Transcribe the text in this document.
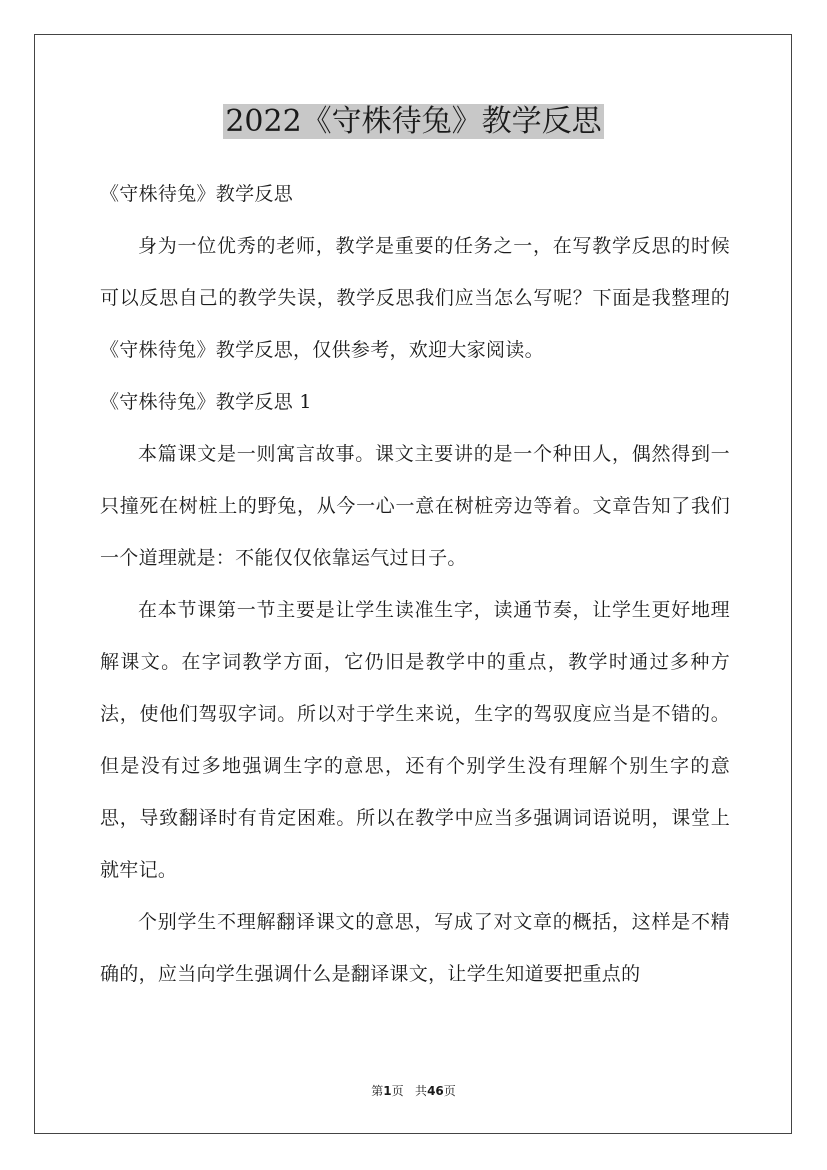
2022《守株待兔》教学反思

《守株待兔》教学反思

身为一位优秀的老师，教学是重要的任务之一，在写教学反思的时候可以反思自己的教学失误，教学反思我们应当怎么写呢？下面是我整理的《守株待兔》教学反思，仅供参考，欢迎大家阅读。

《守株待兔》教学反思 1

本篇课文是一则寓言故事。课文主要讲的是一个种田人，偶然得到一只撞死在树桩上的野兔，从今一心一意在树桩旁边等着。文章告知了我们一个道理就是：不能仅仅依靠运气过日子。

在本节课第一节主要是让学生读准生字，读通节奏，让学生更好地理解课文。在字词教学方面，它仍旧是教学中的重点，教学时通过多种方法，使他们驾驭字词。所以对于学生来说，生字的驾驭度应当是不错的。但是没有过多地强调生字的意思，还有个别学生没有理解个别生字的意思，导致翻译时有肯定困难。所以在教学中应当多强调词语说明，课堂上就牢记。

个别学生不理解翻译课文的意思，写成了对文章的概括，这样是不精确的，应当向学生强调什么是翻译课文，让学生知道要把重点的

第1页 共46页
